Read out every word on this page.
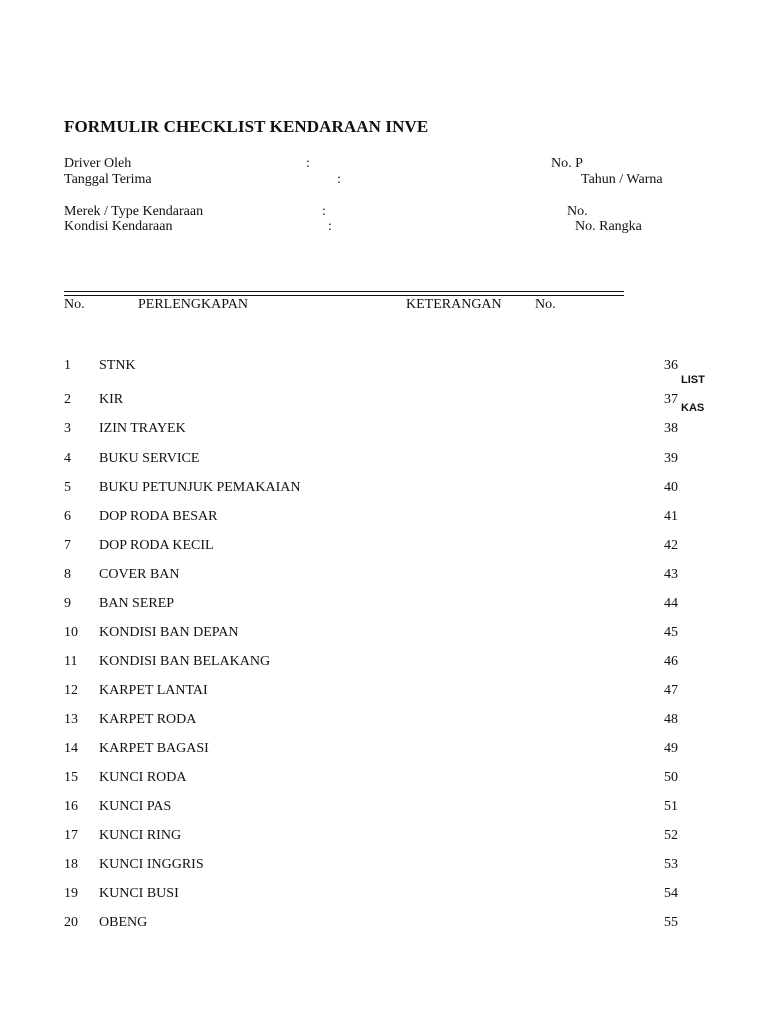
FORMULIR CHECKLIST KENDARAAN INVE
Driver Oleh	:	No. P
Tanggal Terima	:	Tahun / Warna
Merek / Type Kendaraan	:	No.
Kondisi Kendaraan	:	No. Rangka
No.	PERLENGKAPAN	KETERANGAN No.
LIST
KAS
1 STNK	36
2 KIR	37
3 IZIN TRAYEK	38
4 BUKU SERVICE	39
5 BUKU PETUNJUK PEMAKAIAN	40
6 DOP RODA BESAR	41
7 DOP RODA KECIL	42
8 COVER BAN	43
9 BAN SEREP	44
10 KONDISI BAN DEPAN	45
11 KONDISI BAN BELAKANG	46
12 KARPET LANTAI	47
13 KARPET RODA	48
14 KARPET BAGASI	49
15 KUNCI RODA	50
16 KUNCI PAS	51
17 KUNCI RING	52
18 KUNCI INGGRIS	53
19 KUNCI BUSI	54
20 OBENG	55
